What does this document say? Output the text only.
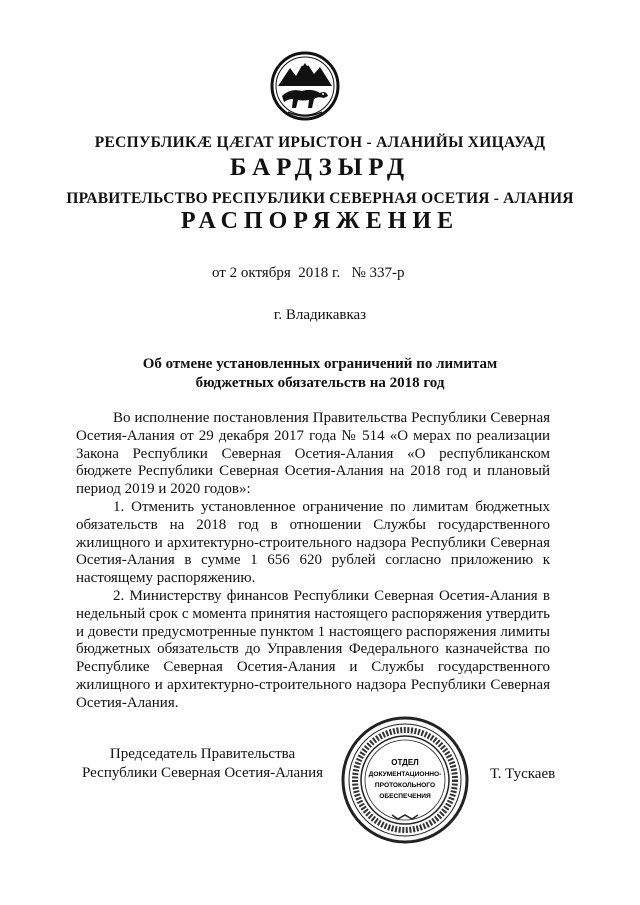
РЕСПУБЛИКӔ ЦӔГАТ ИРЫСТОН - АЛАНИЙЫ ХИЦАУАД
БАРДЗЫРД
ПРАВИТЕЛЬСТВО РЕСПУБЛИКИ СЕВЕРНАЯ ОСЕТИЯ - АЛАНИЯ
РАСПОРЯЖЕНИЕ
от 2 октября  2018 г. № 337-р
г. Владикавказ
Об отмене установленных ограничений по лимитам
бюджетных обязательств на 2018 год

Во исполнение постановления Правительства Республики Северная Осетия-Алания от 29 декабря 2017 года № 514 «О мерах по реализации Закона Республики Северная Осетия-Алания «О республиканском бюджете Республики Северная Осетия-Алания на 2018 год и плановый период 2019 и 2020 годов»:

1. Отменить установленное ограничение по лимитам бюджетных обязательств на 2018 год в отношении Службы государственного жилищного и архитектурно-строительного надзора Республики Северная Осетия-Алания в сумме 1 656 620 рублей согласно приложению к настоящему распоряжению.

2. Министерству финансов Республики Северная Осетия-Алания в недельный срок с момента принятия настоящего распоряжения утвердить и довести предусмотренные пунктом 1 настоящего распоряжения лимиты бюджетных обязательств до Управления Федерального казначейства по Республике Северная Осетия-Алания и Службы государственного жилищного и архитектурно-строительного надзора Республики Северная Осетия-Алания.

Председатель Правительства
Республики Северная Осетия-Алания
ОТДЕЛ
ДОКУМЕНТАЦИОННО-
ПРОТОКОЛЬНОГО
ОБЕСПЕЧЕНИЯ
Т. Тускаев
